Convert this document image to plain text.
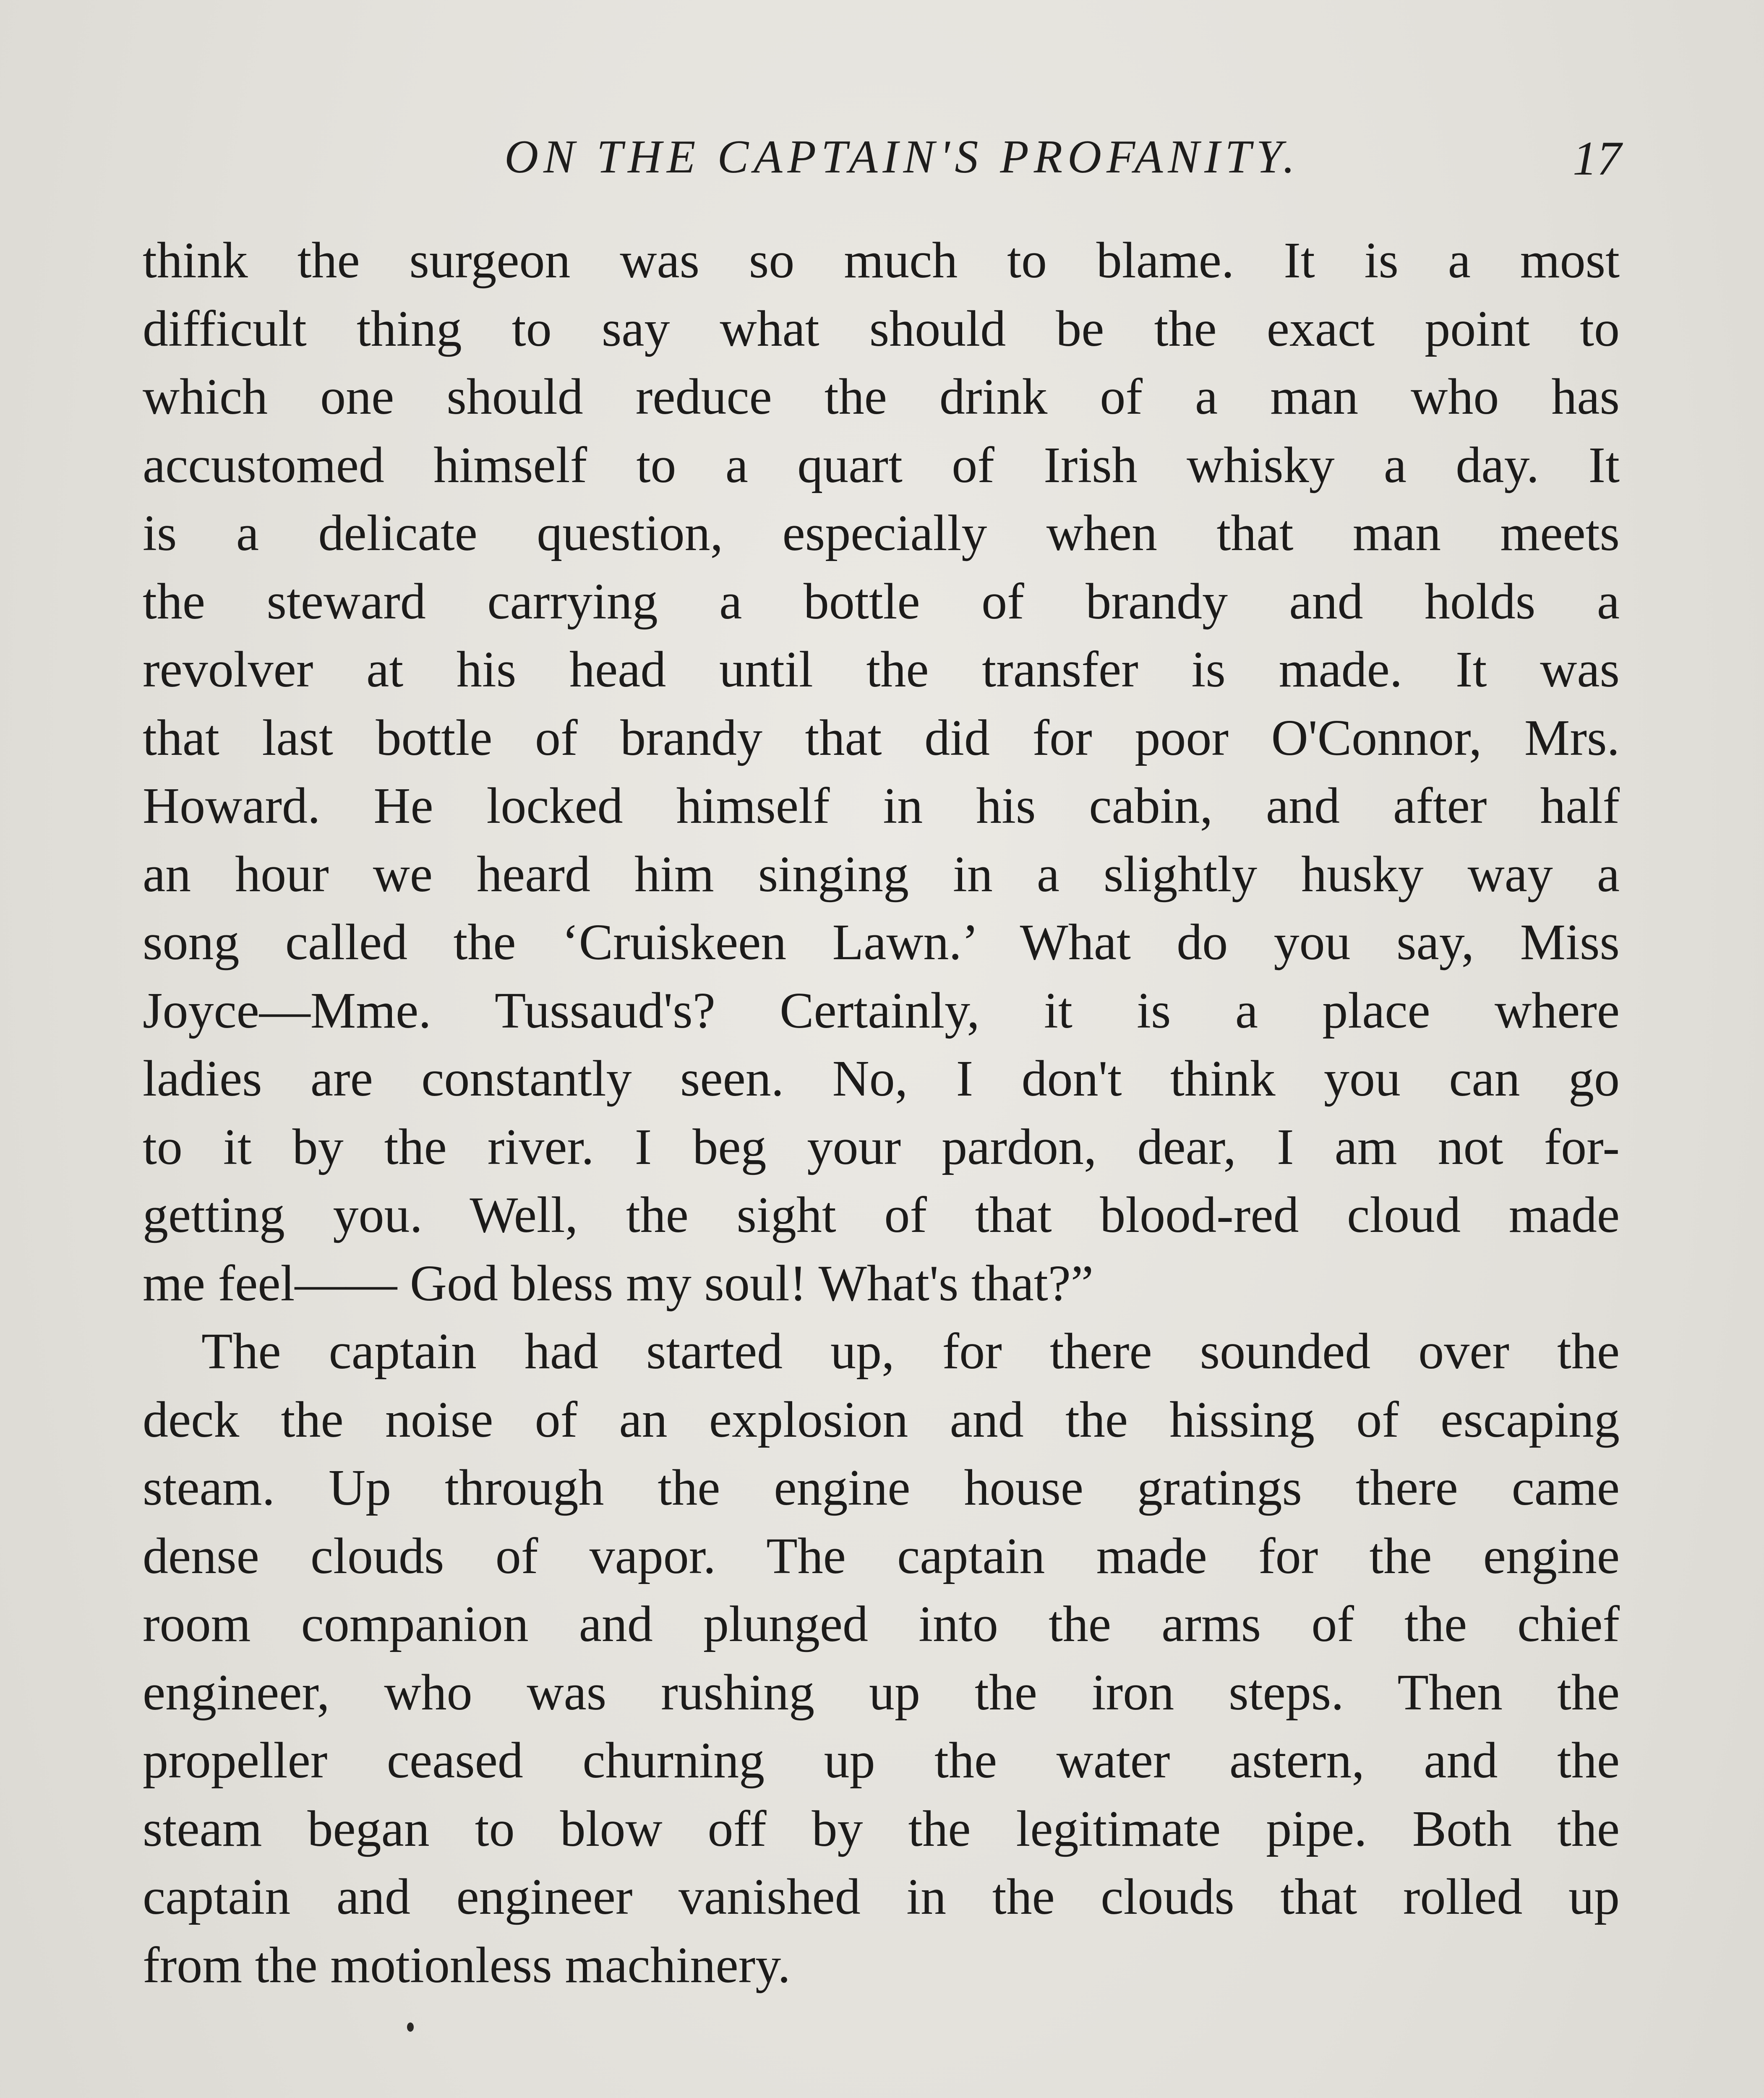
ON THE CAPTAIN'S PROFANITY.	17
think the surgeon was so much to blame. It is a most
difficult thing to say what should be the exact point to
which one should reduce the drink of a man who has
accustomed himself to a quart of Irish whisky a day. It
is a delicate question, especially when that man meets
the steward carrying a bottle of brandy and holds a
revolver at his head until the transfer is made. It was
that last bottle of brandy that did for poor O'Connor, Mrs.
Howard. He locked himself in his cabin, and after half
an hour we heard him singing in a slightly husky way a
song called the ‘Cruiskeen Lawn.’ What do you say, Miss
Joyce—Mme. Tussaud's? Certainly, it is a place where
ladies are constantly seen. No, I don't think you can go
to it by the river. I beg your pardon, dear, I am not for-
getting you. Well, the sight of that blood-red cloud made
me feel—— God bless my soul! What's that?”
The captain had started up, for there sounded over the
deck the noise of an explosion and the hissing of escaping
steam. Up through the engine house gratings there came
dense clouds of vapor. The captain made for the engine
room companion and plunged into the arms of the chief
engineer, who was rushing up the iron steps. Then the
propeller ceased churning up the water astern, and the
steam began to blow off by the legitimate pipe. Both the
captain and engineer vanished in the clouds that rolled up
from the motionless machinery.
